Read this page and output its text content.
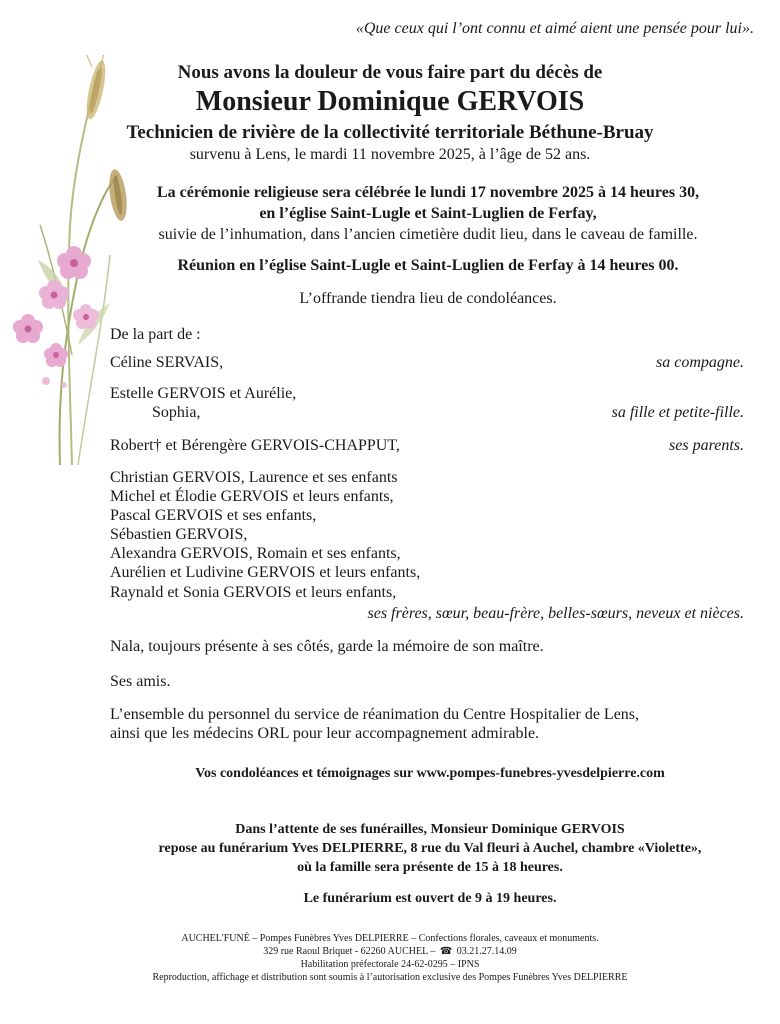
«Que ceux qui l’ont connu et aimé aient une pensée pour lui».
Nous avons la douleur de vous faire part du décès de
Monsieur Dominique GERVOIS
Technicien de rivière de la collectivité territoriale Béthune-Bruay
survenu à Lens, le mardi 11 novembre 2025, à l’âge de 52 ans.
La cérémonie religieuse sera célébrée le lundi 17 novembre 2025 à 14 heures 30,
en l’église Saint-Lugle et Saint-Luglien de Ferfay,
suivie de l’inhumation, dans l’ancien cimetière dudit lieu, dans le caveau de famille.
Réunion en l’église Saint-Lugle et Saint-Luglien de Ferfay à 14 heures 00.
L’offrande tiendra lieu de condoléances.
De la part de :
Céline SERVAIS,	sa compagne.
Estelle GERVOIS et Aurélie,
Sophia,	sa fille et petite-fille.
Robert† et Bérengère GERVOIS-CHAPPUT,	ses parents.
Christian GERVOIS, Laurence et ses enfants
Michel et Élodie GERVOIS et leurs enfants,
Pascal GERVOIS et ses enfants,
Sébastien GERVOIS,
Alexandra GERVOIS, Romain et ses enfants,
Aurélien et Ludivine GERVOIS et leurs enfants,
Raynald et Sonia GERVOIS et leurs enfants,
ses frères, sœur, beau-frère, belles-sœurs, neveux et nièces.
Nala, toujours présente à ses côtés, garde la mémoire de son maître.
Ses amis.
L’ensemble du personnel du service de réanimation du Centre Hospitalier de Lens,
ainsi que les médecins ORL pour leur accompagnement admirable.
Vos condoléances et témoignages sur www.pompes-funebres-yvesdelpierre.com
Dans l’attente de ses funérailles, Monsieur Dominique GERVOIS
repose au funérarium Yves DELPIERRE, 8 rue du Val fleuri à Auchel, chambre «Violette»,
où la famille sera présente de 15 à 18 heures.
Le funérarium est ouvert de 9 à 19 heures.
AUCHEL'FUNÉ – Pompes Funèbres Yves DELPIERRE – Confections florales, caveaux et monuments.
329 rue Raoul Briquet - 62260 AUCHEL – ☎ 03.21.27.14.09
Habilitation préfectorale 24-62-0295 – IPNS
Reproduction, affichage et distribution sont soumis à l’autorisation exclusive des Pompes Funèbres Yves DELPIERRE
